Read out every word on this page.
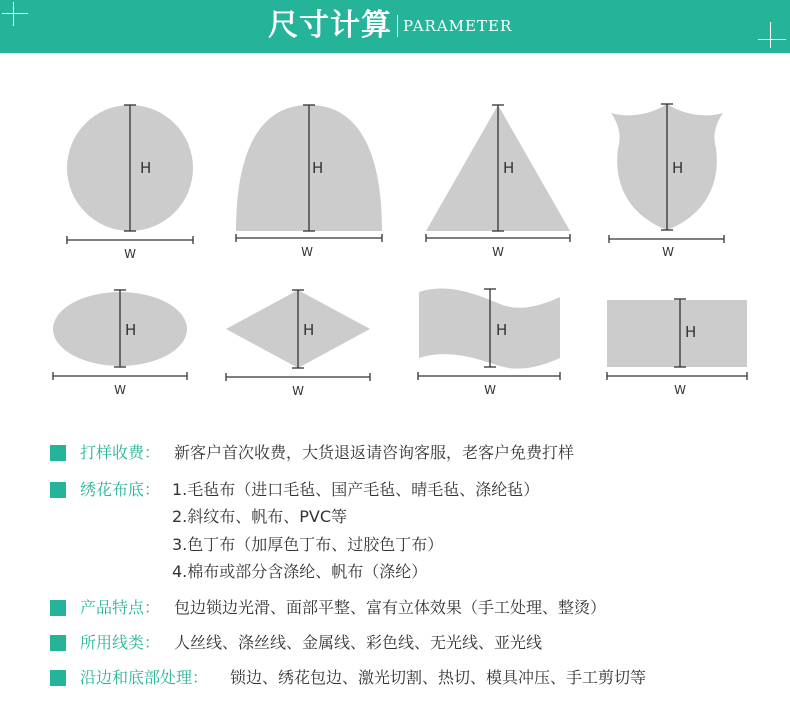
尺寸计算 PARAMETER
H
W
H
W
H
W
H
W
H
W
H
W
H
W
H
W
打样收费： 新客户首次收费，大货退返请咨询客服，老客户免费打样
绣花布底： 1.毛毡布（进口毛毡、国产毛毡、晴毛毡、涤纶毡）
2.斜纹布、帆布、PVC等
3.色丁布（加厚色丁布、过胶色丁布）
4.棉布或部分含涤纶、帆布（涤纶）
产品特点： 包边锁边光滑、面部平整、富有立体效果（手工处理、整烫）
所用线类： 人丝线、涤丝线、金属线、彩色线、无光线、亚光线
沿边和底部处理： 锁边、绣花包边、激光切割、热切、模具冲压、手工剪切等
